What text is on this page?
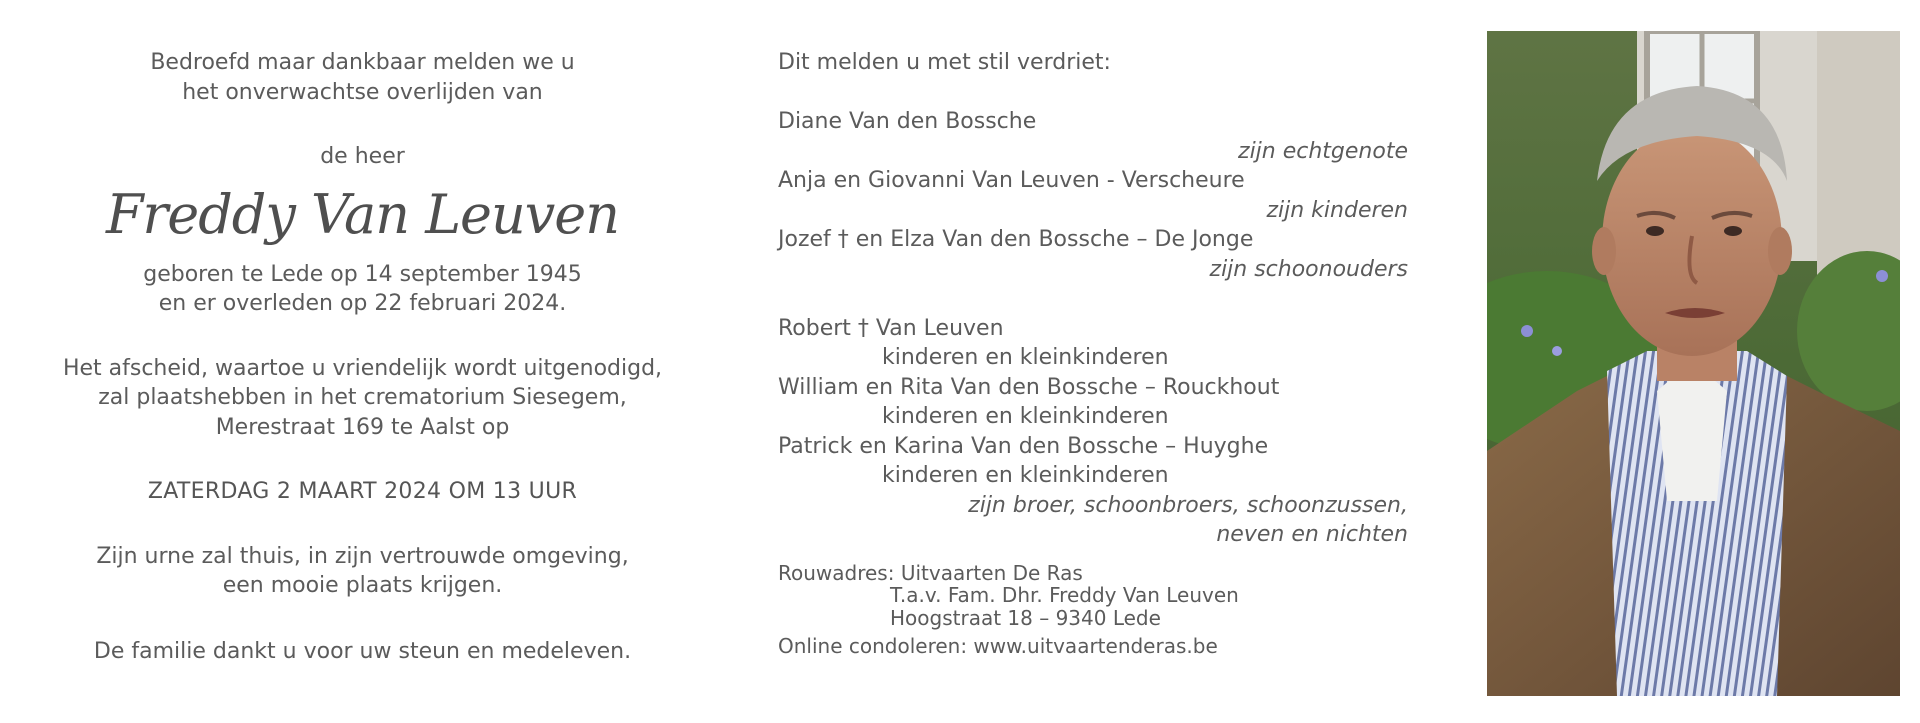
Bedroefd maar dankbaar melden we u
het onverwachtse overlijden van
de heer
Freddy Van Leuven
geboren te Lede op 14 september 1945
en er overleden op 22 februari 2024.
Het afscheid, waartoe u vriendelijk wordt uitgenodigd,
zal plaatshebben in het crematorium Siesegem,
Merestraat 169 te Aalst op
ZATERDAG 2 MAART 2024 OM 13 UUR
Zijn urne zal thuis, in zijn vertrouwde omgeving,
een mooie plaats krijgen.
De familie dankt u voor uw steun en medeleven.
Dit melden u met stil verdriet:
Diane Van den Bossche
zijn echtgenote
Anja en Giovanni Van Leuven - Verscheure
zijn kinderen
Jozef † en Elza Van den Bossche – De Jonge
zijn schoonouders
Robert † Van Leuven
kinderen en kleinkinderen
William en Rita Van den Bossche – Rouckhout
kinderen en kleinkinderen
Patrick en Karina Van den Bossche – Huyghe
kinderen en kleinkinderen
zijn broer, schoonbroers, schoonzussen,
neven en nichten
Rouwadres: Uitvaarten De Ras
T.a.v. Fam. Dhr. Freddy Van Leuven
Hoogstraat 18 – 9340 Lede
Online condoleren: www.uitvaartenderas.be
